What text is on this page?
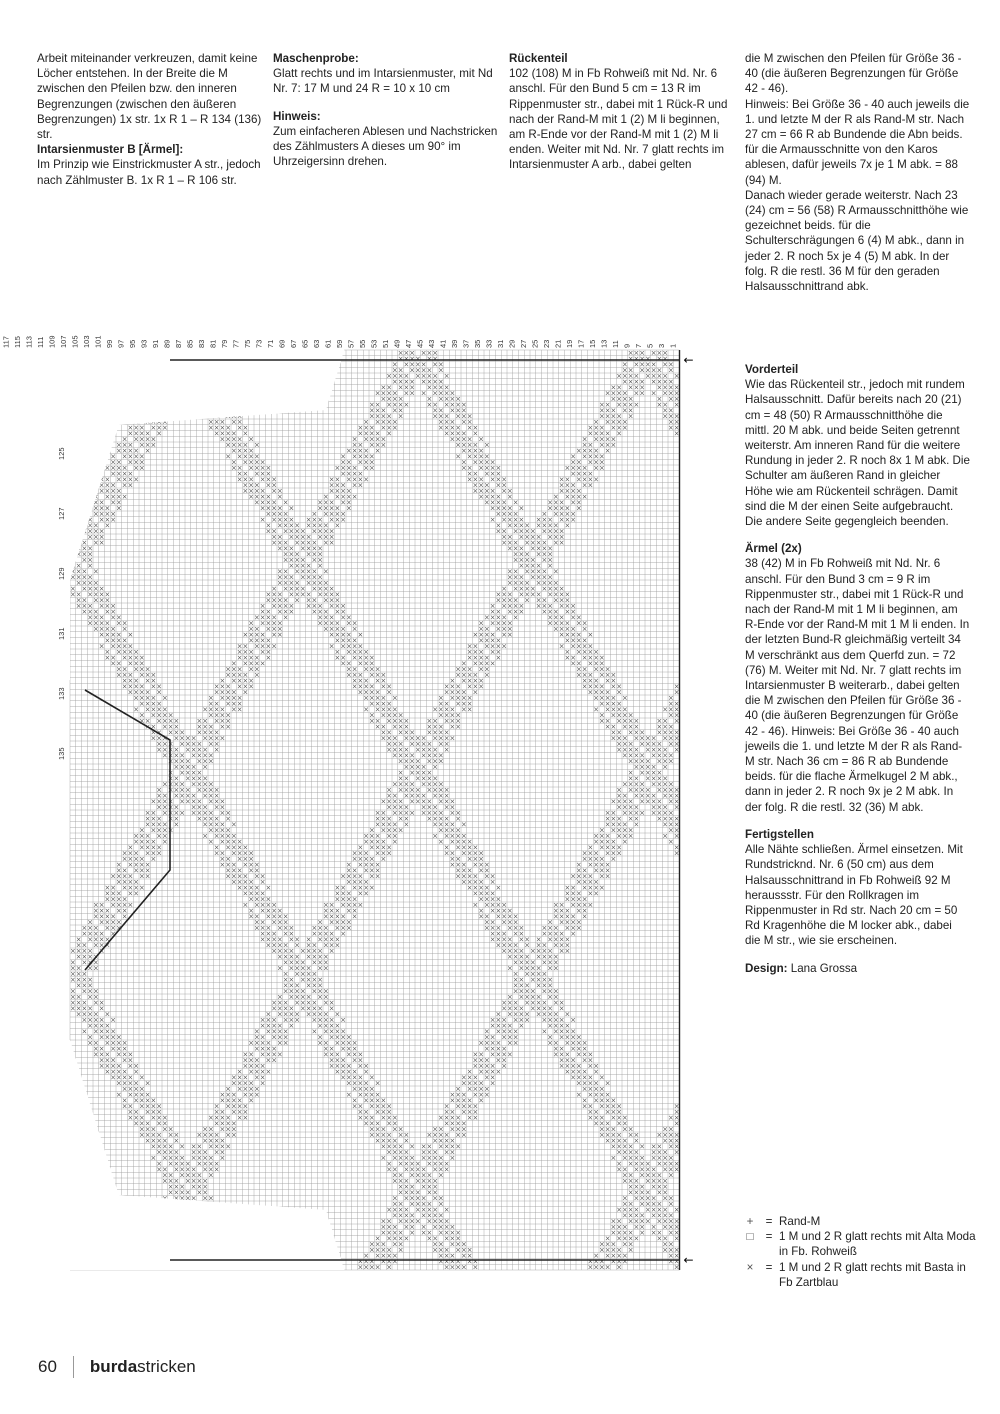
Arbeit miteinander verkreuzen, damit keine Löcher entstehen. In der Breite die M zwischen den Pfeilen bzw. den inneren Begrenzungen (zwischen den äußeren Begrenzungen) 1x str. 1x R 1 – R 134 (136) str.

Intarsienmuster B [Ärmel]:

Im Prinzip wie Einstrickmuster A str., jedoch nach Zählmuster B. 1x R 1 – R 106 str.

Maschenprobe:

Glatt rechts und im Intarsienmuster, mit Nd Nr. 7: 17 M und 24 R = 10 x 10 cm

Hinweis:

Zum einfacheren Ablesen und Nachstricken des Zählmusters A dieses um 90° im Uhrzeigersinn drehen.

Rückenteil

102 (108) M in Fb Rohweiß mit Nd. Nr. 6 anschl. Für den Bund 5 cm = 13 R im Rippenmuster str., dabei mit 1 Rück-R und nach der Rand-M mit 1 (2) M li beginnen, am R-Ende vor der Rand-M mit 1 (2) M li enden. Weiter mit Nd. Nr. 7 glatt rechts im Intarsienmuster A arb., dabei gelten

die M zwischen den Pfeilen für Größe 36 - 40 (die äußeren Begrenzungen für Größe 42 - 46).

Hinweis: Bei Größe 36 - 40 auch jeweils die 1. und letzte M der R als Rand-M str. Nach 27 cm = 66 R ab Bundende die Abn beids. für die Armausschnitte von den Karos ablesen, dafür jeweils 7x je 1 M abk. = 88 (94) M.

Danach wieder gerade weiterstr. Nach 23 (24) cm = 56 (58) R Armausschnitthöhe wie gezeichnet beids. für die Schulterschrägungen 6 (4) M abk., dann in jeder 2. R noch 5x je 4 (5) M abk. In der folg. R die restl. 36 M für den geraden Halsausschnittrand abk.

Vorderteil

Wie das Rückenteil str., jedoch mit rundem Halsausschnitt. Dafür bereits nach 20 (21) cm = 48 (50) R Armausschnitthöhe die mittl. 20 M abk. und beide Seiten getrennt weiterstr. Am inneren Rand für die weitere Rundung in jeder 2. R noch 8x 1 M abk. Die Schulter am äußeren Rand in gleicher Höhe wie am Rückenteil schrägen. Damit sind die M der einen Seite aufgebraucht. Die andere Seite gegengleich beenden.

Ärmel (2x)

38 (42) M in Fb Rohweiß mit Nd. Nr. 6 anschl. Für den Bund 3 cm = 9 R im Rippenmuster str., dabei mit 1 Rück-R und nach der Rand-M mit 1 M li beginnen, am R-Ende vor der Rand-M mit 1 M li enden. In der letzten Bund-R gleichmäßig verteilt 34 M verschränkt aus dem Querfd zun. = 72 (76) M. Weiter mit Nd. Nr. 7 glatt rechts im Intarsienmuster B weiterarb., dabei gelten die M zwischen den Pfeilen für Größe 36 - 40 (die äußeren Begrenzungen für Größe 42 - 46). Hinweis: Bei Größe 36 - 40 auch jeweils die 1. und letzte M der R als Rand-M str. Nach 36 cm = 86 R ab Bundende beids. für die flache Ärmelkugel 2 M abk., dann in jeder 2. R noch 9x je 2 M abk. In der folg. R die restl. 32 (36) M abk.

Fertigstellen

Alle Nähte schließen. Ärmel einsetzen. Mit Rundstricknd. Nr. 6 (50 cm) aus dem Halsausschnittrand in Fb Rohweiß 92 M heraussstr. Für den Rollkragen im Rippenmuster in Rd str. Nach 20 cm = 50 Rd Kragenhöhe die M locker abk., dabei die M str., wie sie erscheinen.

Design: Lana Grossa

←
←
1
3
5
7
9
11
13
15
17
19
21
23
25
27
29
31
33
35
37
39
41
43
45
47
49
51
53
55
57
59
61
63
65
67
69
71
73
75
77
79
81
83
85
87
89
91
93
95
97
99
101
103
105
107
109
111
113
115
117
125
127
129
131
133
135
+	= Rand-M
□	= 1 M und 2 R glatt rechts mit Alta Moda in Fb. Rohweiß
×	= 1 M und 2 R glatt rechts mit Basta in Fb Zartblau
60 burdastricken
